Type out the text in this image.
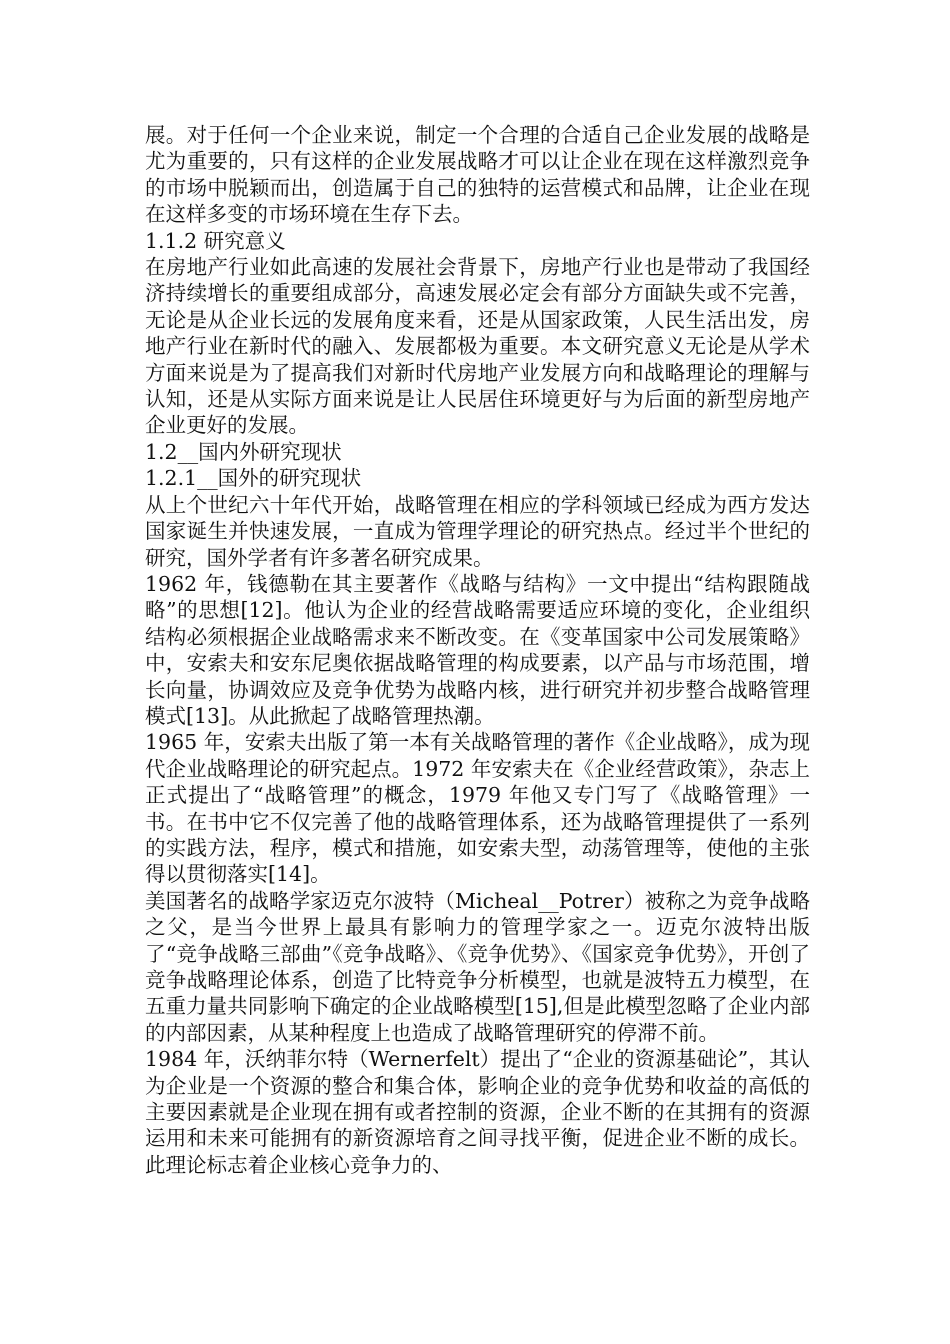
展。对于任何一个企业来说，制定一个合理的合适自己企业发展的战略是尤为重要的，只有这样的企业发展战略才可以让企业在现在这样激烈竞争的市场中脱颖而出，创造属于自己的独特的运营模式和品牌，让企业在现在这样多变的市场环境在生存下去。

1.1.2 研究意义

在房地产行业如此高速的发展社会背景下，房地产行业也是带动了我国经济持续增长的重要组成部分，高速发展必定会有部分方面缺失或不完善，无论是从企业长远的发展角度来看，还是从国家政策，人民生活出发，房地产行业在新时代的融入、发展都极为重要。本文研究意义无论是从学术方面来说是为了提高我们对新时代房地产业发展方向和战略理论的理解与认知，还是从实际方面来说是让人民居住环境更好与为后面的新型房地产企业更好的发展。

1.2__国内外研究现状
1.2.1__国外的研究现状

从上个世纪六十年代开始，战略管理在相应的学科领域已经成为西方发达国家诞生并快速发展，一直成为管理学理论的研究热点。经过半个世纪的研究，国外学者有许多著名研究成果。

1962 年，钱德勒在其主要著作《战略与结构》一文中提出“结构跟随战略”的思想[12]。他认为企业的经营战略需要适应环境的变化，企业组织结构必须根据企业战略需求来不断改变。在《变革国家中公司发展策略》中，安索夫和安东尼奥依据战略管理的构成要素，以产品与市场范围，增长向量，协调效应及竞争优势为战略内核，进行研究并初步整合战略管理模式[13]。从此掀起了战略管理热潮。

1965 年，安索夫出版了第一本有关战略管理的著作《企业战略》，成为现代企业战略理论的研究起点。1972 年安索夫在《企业经营政策》，杂志上正式提出了“战略管理”的概念，1979 年他又专门写了《战略管理》一书。在书中它不仅完善了他的战略管理体系，还为战略管理提供了一系列的实践方法，程序，模式和措施，如安索夫型，动荡管理等，使他的主张得以贯彻落实[14]。

美国著名的战略学家迈克尔波特（Micheal__Potrer）被称之为竞争战略之父，是当今世界上最具有影响力的管理学家之一。迈克尔波特出版了“竞争战略三部曲”《竞争战略》、《竞争优势》、《国家竞争优势》，开创了竞争战略理论体系，创造了比特竞争分析模型，也就是波特五力模型，在五重力量共同影响下确定的企业战略模型[15],但是此模型忽略了企业内部的内部因素，从某种程度上也造成了战略管理研究的停滞不前。

1984 年，沃纳菲尔特（Wernerfelt）提出了“企业的资源基础论”，其认为企业是一个资源的整合和集合体，影响企业的竞争优势和收益的高低的主要因素就是企业现在拥有或者控制的资源，企业不断的在其拥有的资源运用和未来可能拥有的新资源培育之间寻找平衡，促进企业不断的成长。此理论标志着企业核心竞争力的、
